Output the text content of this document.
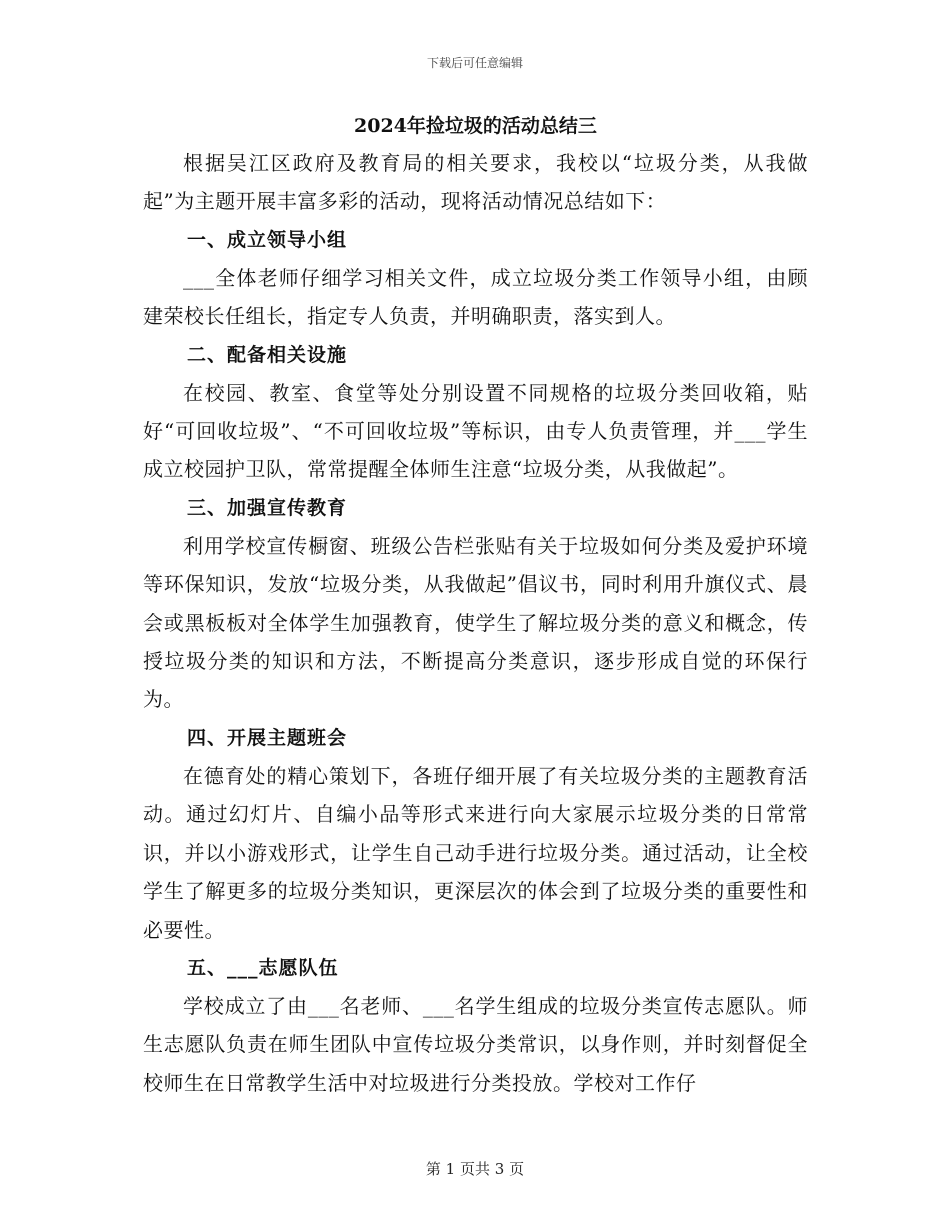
下载后可任意编辑
2024年捡垃圾的活动总结三

根据吴江区政府及教育局的相关要求，我校以“垃圾分类，从我做起”为主题开展丰富多彩的活动，现将活动情况总结如下：

一、成立领导小组

___全体老师仔细学习相关文件，成立垃圾分类工作领导小组，由顾建荣校长任组长，指定专人负责，并明确职责，落实到人。

二、配备相关设施

在校园、教室、食堂等处分别设置不同规格的垃圾分类回收箱，贴好“可回收垃圾”、“不可回收垃圾”等标识，由专人负责管理，并___学生成立校园护卫队，常常提醒全体师生注意“垃圾分类，从我做起”。

三、加强宣传教育

利用学校宣传橱窗、班级公告栏张贴有关于垃圾如何分类及爱护环境等环保知识，发放“垃圾分类，从我做起”倡议书，同时利用升旗仪式、晨会或黑板板对全体学生加强教育，使学生了解垃圾分类的意义和概念，传授垃圾分类的知识和方法，不断提高分类意识，逐步形成自觉的环保行为。

四、开展主题班会

在德育处的精心策划下，各班仔细开展了有关垃圾分类的主题教育活动。通过幻灯片、自编小品等形式来进行向大家展示垃圾分类的日常常识，并以小游戏形式，让学生自己动手进行垃圾分类。通过活动，让全校学生了解更多的垃圾分类知识，更深层次的体会到了垃圾分类的重要性和必要性。

五、___志愿队伍

学校成立了由___名老师、___名学生组成的垃圾分类宣传志愿队。师生志愿队负责在师生团队中宣传垃圾分类常识，以身作则，并时刻督促全校师生在日常教学生活中对垃圾进行分类投放。学校对工作仔

第 1 页共 3 页
